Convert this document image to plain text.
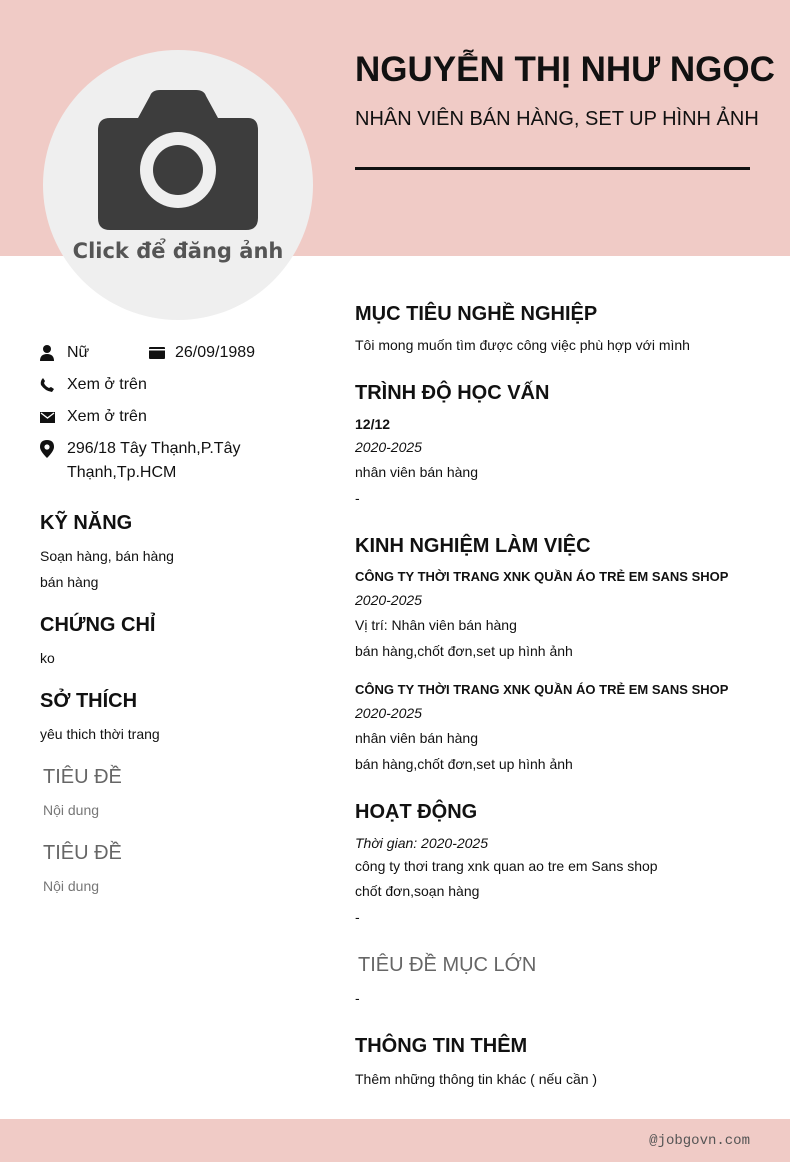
Click để đăng ảnh
NGUYỄN THỊ NHƯ NGỌC
NHÂN VIÊN BÁN HÀNG, SET UP HÌNH ẢNH
Nữ	26/09/1989
Xem ở trên
Xem ở trên
296/18 Tây Thạnh,P.Tây
Thạnh,Tp.HCM
KỸ NĂNG
Soạn hàng, bán hàng
bán hàng
CHỨNG CHỈ
ko
SỞ THÍCH
yêu thich thời trang
TIÊU ĐỀ
Nội dung
TIÊU ĐỀ
Nội dung
MỤC TIÊU NGHỀ NGHIỆP
Tôi mong muốn tìm được công việc phù hợp với mình
TRÌNH ĐỘ HỌC VẤN
12/12
2020-2025
nhân viên bán hàng
-
KINH NGHIỆM LÀM VIỆC
CÔNG TY THỜI TRANG XNK QUẦN ÁO TRẺ EM SANS SHOP
2020-2025
Vị trí: Nhân viên bán hàng
bán hàng,chốt đơn,set up hình ảnh
CÔNG TY THỜI TRANG XNK QUẦN ÁO TRẺ EM SANS SHOP
2020-2025
nhân viên bán hàng
bán hàng,chốt đơn,set up hình ảnh
HOẠT ĐỘNG
Thời gian: 2020-2025
công ty thơi trang xnk quan ao tre em Sans shop
chốt đơn,soạn hàng
-
TIÊU ĐỀ MỤC LỚN
-
THÔNG TIN THÊM
Thêm những thông tin khác ( nếu cần )
@jobgovn.com
